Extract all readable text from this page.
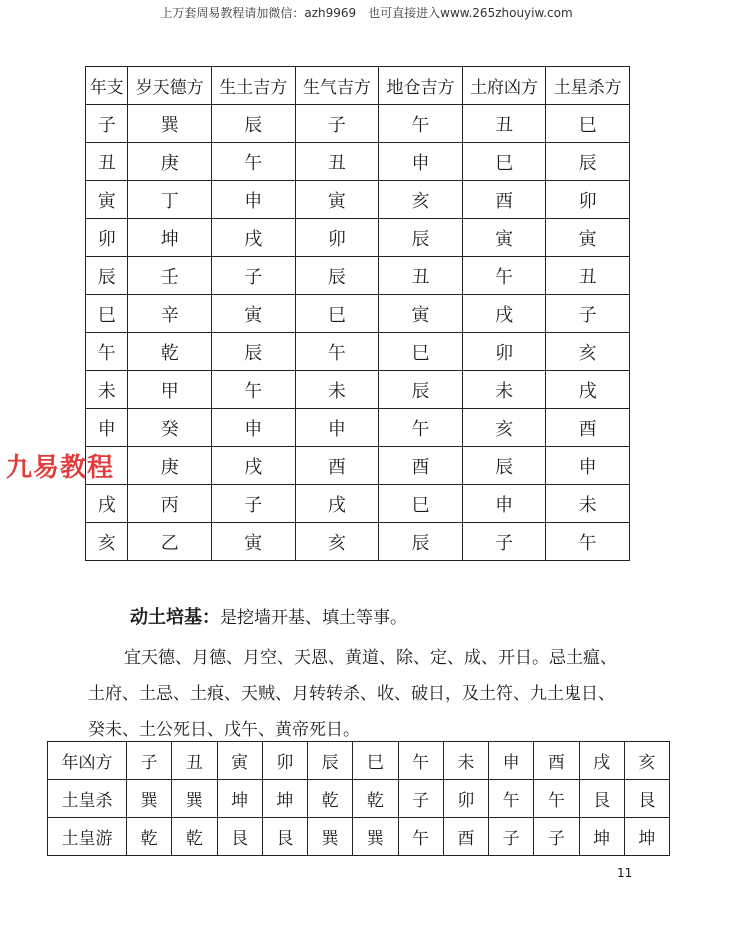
上万套周易教程请加微信：azh9969　也可直接进入www.265zhouyiw.com
年支	岁天德方	生土吉方	生气吉方	地仓吉方	土府凶方	土星杀方
子	巽	辰	子	午	丑	巳
丑	庚	午	丑	申	巳	辰
寅	丁	申	寅	亥	酉	卯
卯	坤	戌	卯	辰	寅	寅
辰	壬	子	辰	丑	午	丑
巳	辛	寅	巳	寅	戌	子
午	乾	辰	午	巳	卯	亥
未	甲	午	未	辰	未	戌
申	癸	申	申	午	亥	酉
	庚	戌	酉	酉	辰	申
戌	丙	子	戌	巳	申	未
亥	乙	寅	亥	辰	子	午
九易教程
动土培基：是挖墙开基、填土等事。
宜天德、月德、月空、天恩、黄道、除、定、成、开日。忌土瘟、
土府、土忌、土痕、天贼、月转转杀、收、破日，及土符、九土鬼日、
癸未、土公死日、戊午、黄帝死日。
年凶方	子	丑	寅	卯	辰	巳	午	未	申	酉	戌	亥
土皇杀	巽	巽	坤	坤	乾	乾	子	卯	午	午	艮	艮
土皇游	乾	乾	艮	艮	巽	巽	午	酉	子	子	坤	坤
11
